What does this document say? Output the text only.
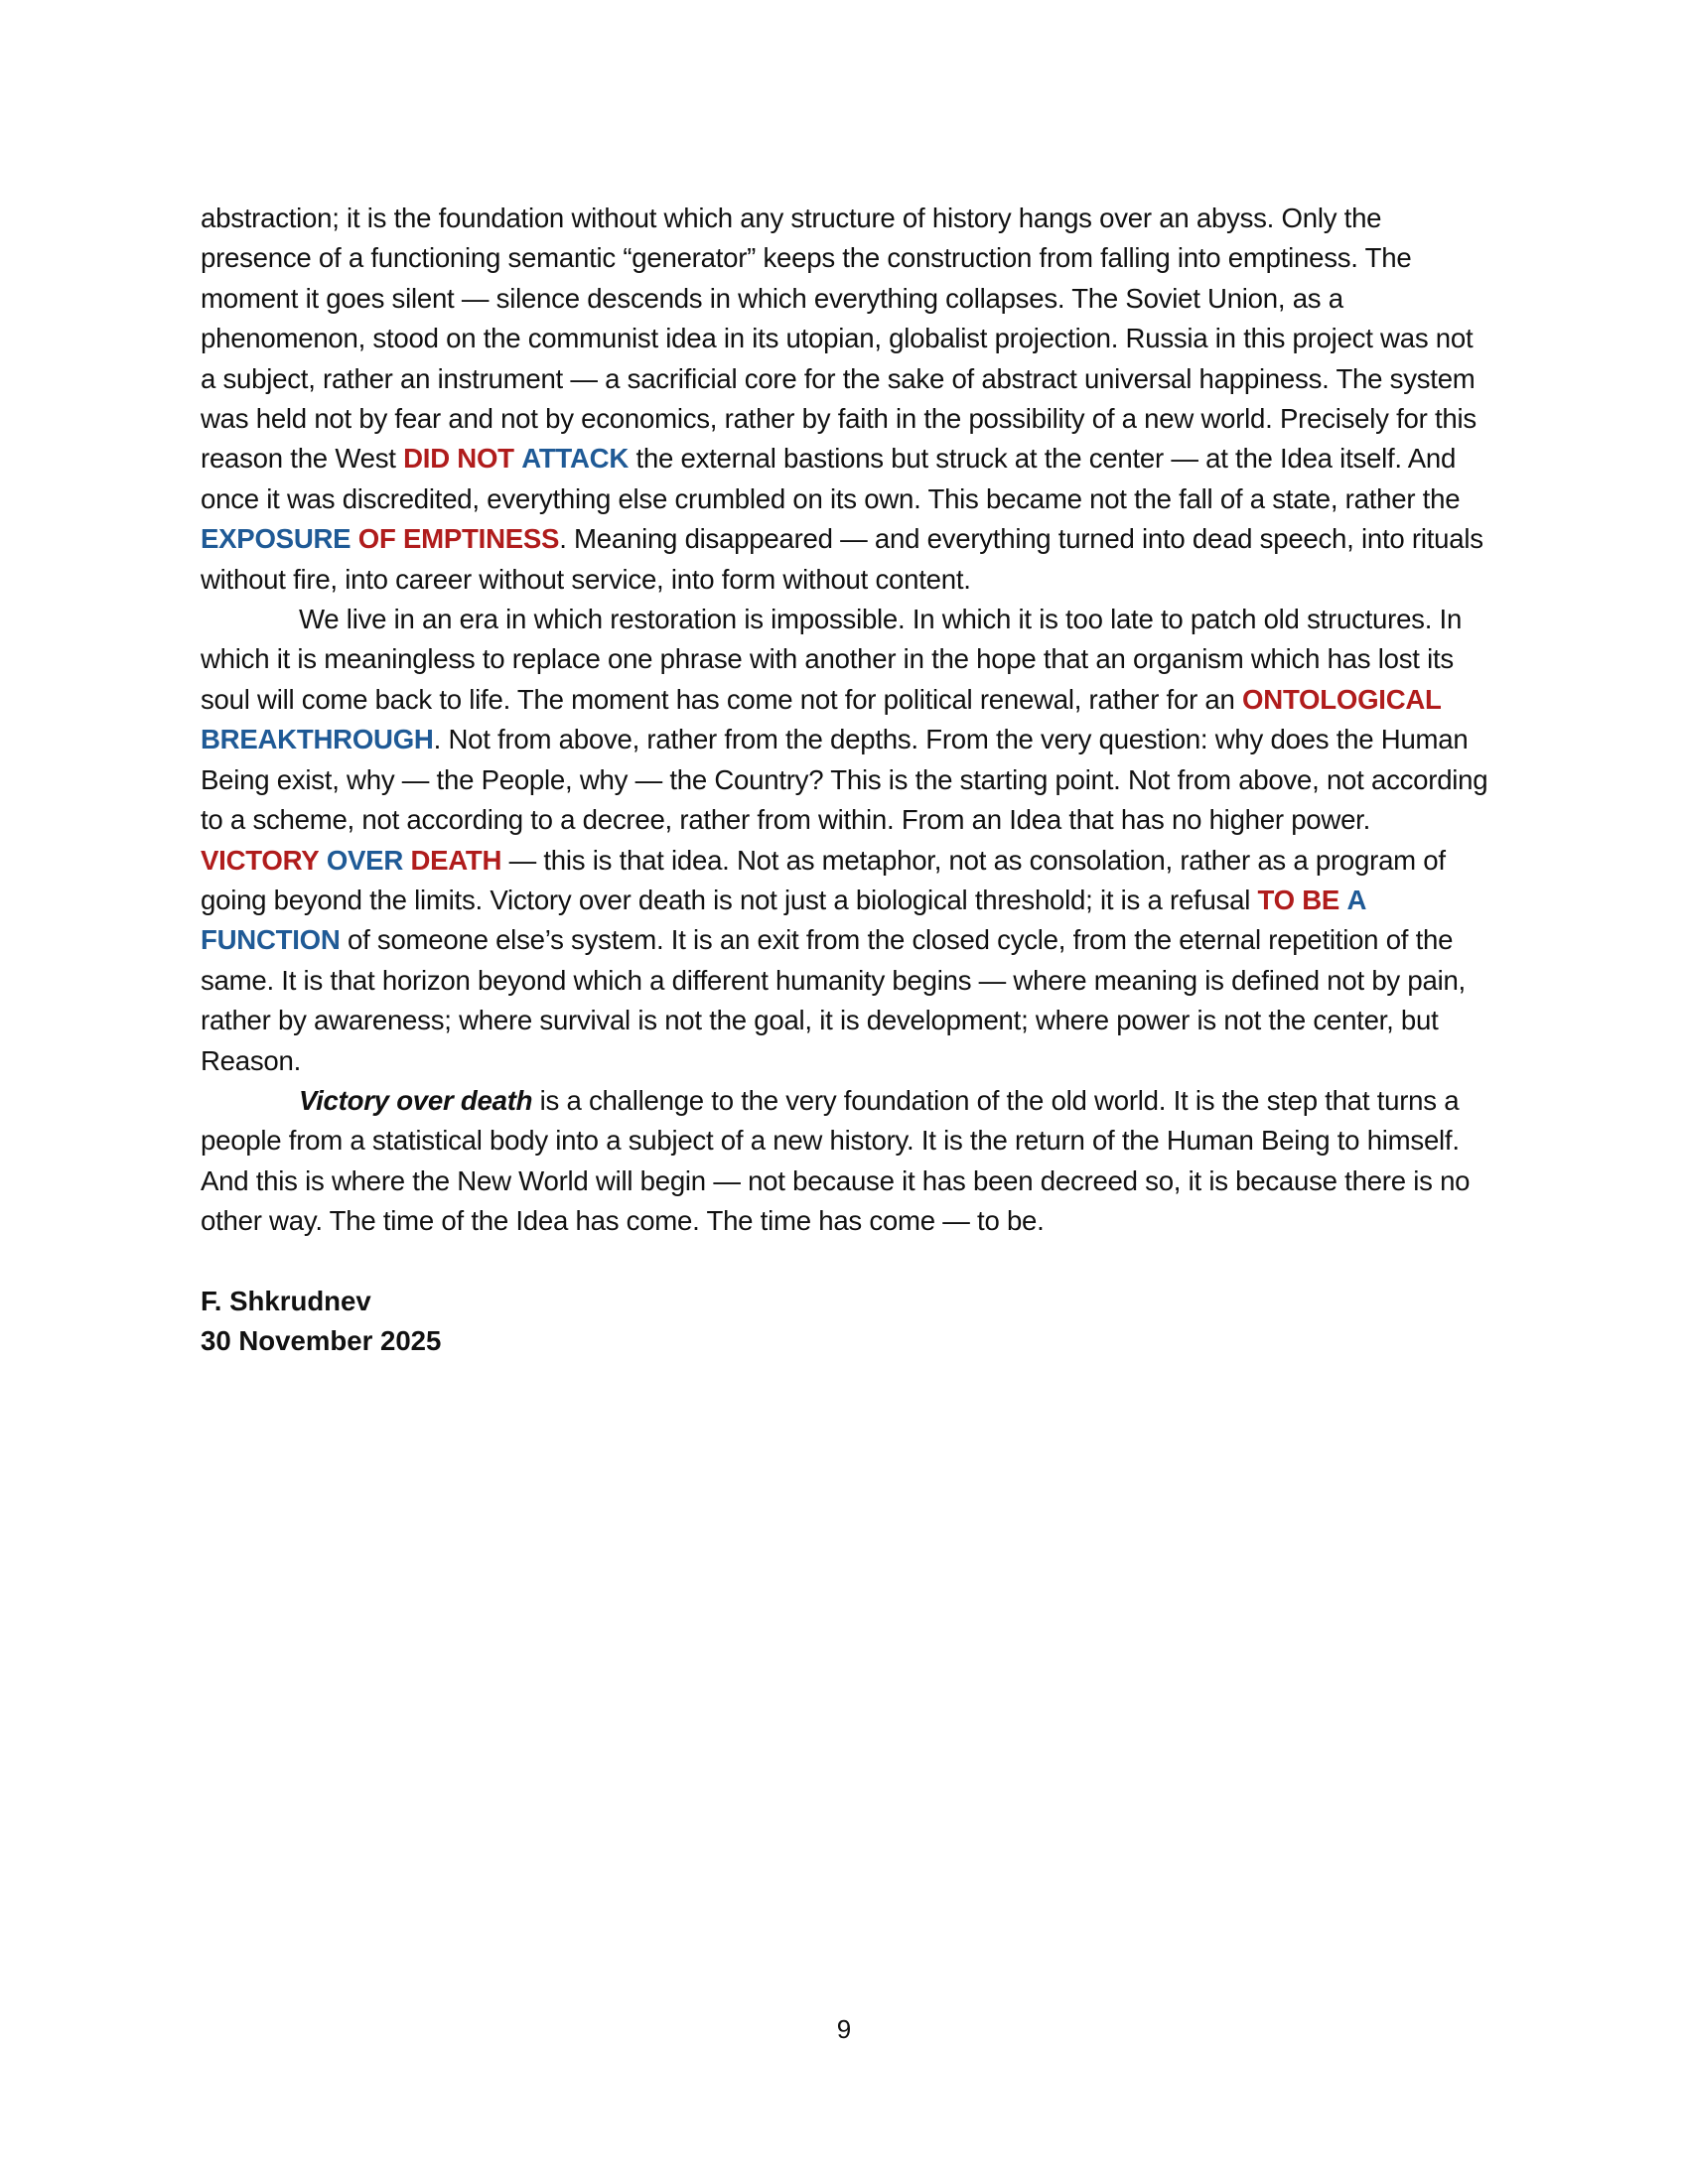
abstraction; it is the foundation without which any structure of history hangs over an abyss. Only the presence of a functioning semantic “generator” keeps the construction from falling into emptiness. The moment it goes silent — silence descends in which everything collapses. The Soviet Union, as a phenomenon, stood on the communist idea in its utopian, globalist projection. Russia in this project was not a subject, rather an instrument — a sacrificial core for the sake of abstract universal happiness. The system was held not by fear and not by economics, rather by faith in the possibility of a new world. Precisely for this reason the West DID NOT ATTACK the external bastions but struck at the center — at the Idea itself. And once it was discredited, everything else crumbled on its own. This became not the fall of a state, rather the EXPOSURE OF EMPTINESS. Meaning disappeared — and everything turned into dead speech, into rituals without fire, into career without service, into form without content.

We live in an era in which restoration is impossible. In which it is too late to patch old structures. In which it is meaningless to replace one phrase with another in the hope that an organism which has lost its soul will come back to life. The moment has come not for political renewal, rather for an ONTOLOGICAL BREAKTHROUGH. Not from above, rather from the depths. From the very question: why does the Human Being exist, why — the People, why — the Country? This is the starting point. Not from above, not according to a scheme, not according to a decree, rather from within. From an Idea that has no higher power. VICTORY OVER DEATH — this is that idea. Not as metaphor, not as consolation, rather as a program of going beyond the limits. Victory over death is not just a biological threshold; it is a refusal TO BE A FUNCTION of someone else’s system. It is an exit from the closed cycle, from the eternal repetition of the same. It is that horizon beyond which a different humanity begins — where meaning is defined not by pain, rather by awareness; where survival is not the goal, it is development; where power is not the center, but Reason.

Victory over death is a challenge to the very foundation of the old world. It is the step that turns a people from a statistical body into a subject of a new history. It is the return of the Human Being to himself. And this is where the New World will begin — not because it has been decreed so, it is because there is no other way. The time of the Idea has come. The time has come — to be.

F. Shkrudnev
30 November 2025
9
